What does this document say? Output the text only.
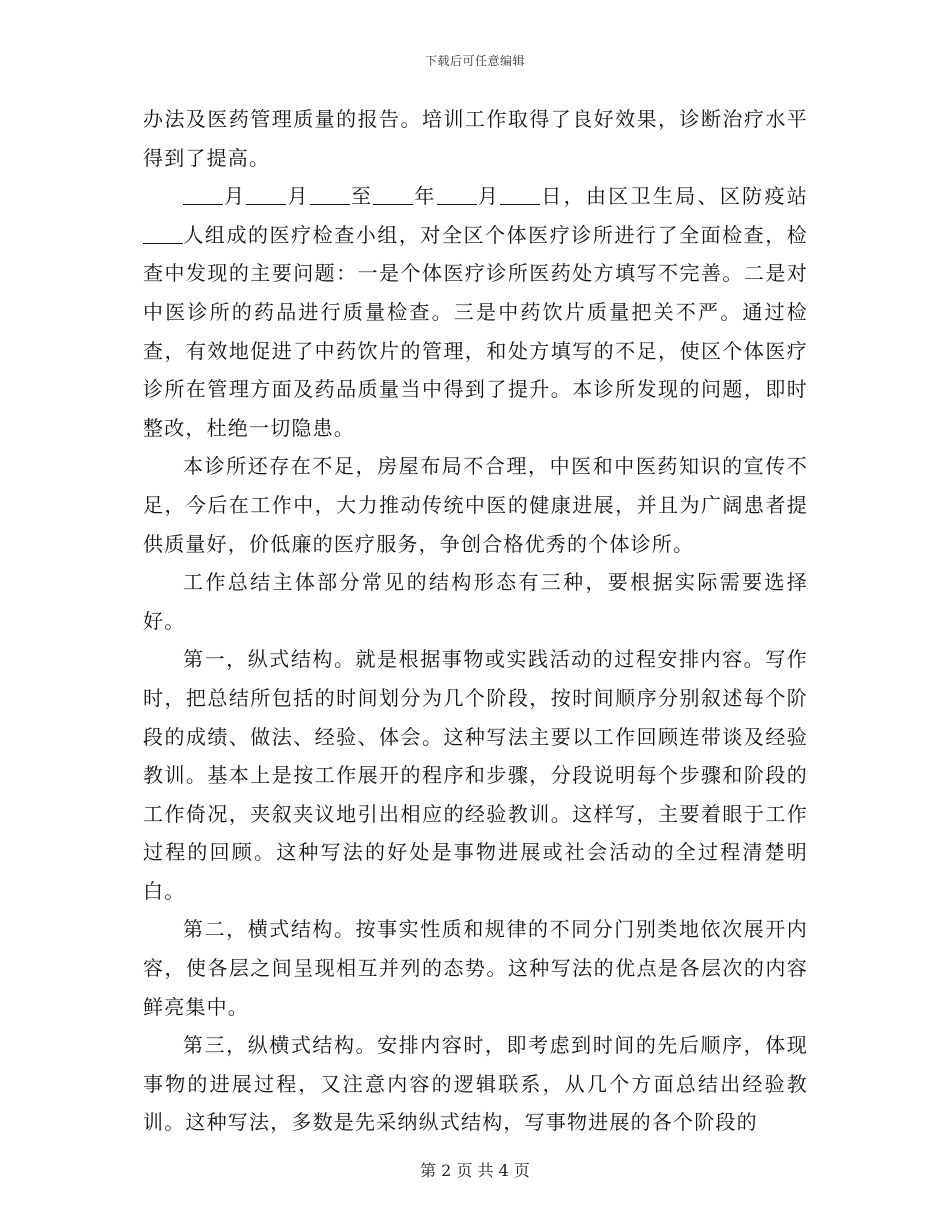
下载后可任意编辑

办法及医药管理质量的报告。培训工作取得了良好效果，诊断治疗水平得到了提高。

月 月 至 年 月 日，由区卫生局、区防疫站人组成的医疗检查小组，对全区个体医疗诊所进行了全面检查，检查中发现的主要问题：一是个体医疗诊所医药处方填写不完善。二是对中医诊所的药品进行质量检查。三是中药饮片质量把关不严。通过检查，有效地促进了中药饮片的管理，和处方填写的不足，使区个体医疗诊所在管理方面及药品质量当中得到了提升。本诊所发现的问题，即时整改，杜绝一切隐患。

本诊所还存在不足，房屋布局不合理，中医和中医药知识的宣传不足，今后在工作中，大力推动传统中医的健康进展，并且为广阔患者提供质量好，价低廉的医疗服务，争创合格优秀的个体诊所。

工作总结主体部分常见的结构形态有三种，要根据实际需要选择好。

第一，纵式结构。就是根据事物或实践活动的过程安排内容。写作时，把总结所包括的时间划分为几个阶段，按时间顺序分别叙述每个阶段的成绩、做法、经验、体会。这种写法主要以工作回顾连带谈及经验教训。基本上是按工作展开的程序和步骤，分段说明每个步骤和阶段的工作倚况，夹叙夹议地引出相应的经验教训。这样写，主要着眼于工作过程的回顾。这种写法的好处是事物进展或社会活动的全过程清楚明白。

第二，横式结构。按事实性质和规律的不同分门别类地依次展开内容，使各层之间呈现相互并列的态势。这种写法的优点是各层次的内容鲜亮集中。

第三，纵横式结构。安排内容时，即考虑到时间的先后顺序，体现事物的进展过程，又注意内容的逻辑联系，从几个方面总结出经验教训。这种写法，多数是先采纳纵式结构，写事物进展的各个阶段的

第 2 页 共 4 页
